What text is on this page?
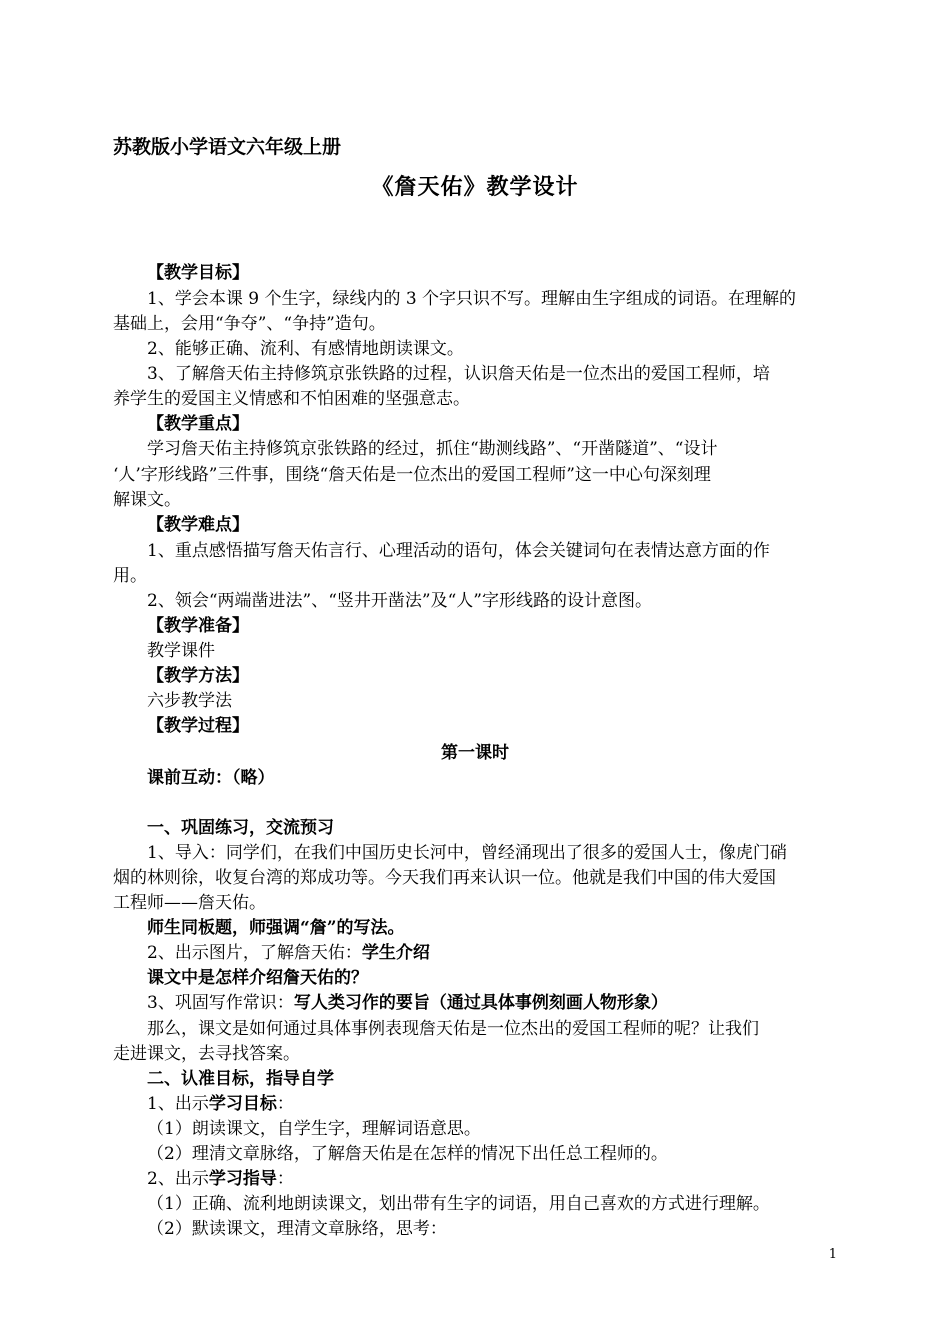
苏教版小学语文六年级上册
《詹天佑》教学设计
【教学目标】
1、学会本课 9 个生字，绿线内的 3 个字只识不写。理解由生字组成的词语。在理解的
基础上，会用“争夺”、“争持”造句。
2、能够正确、流利、有感情地朗读课文。
3、了解詹天佑主持修筑京张铁路的过程，认识詹天佑是一位杰出的爱国工程师，培
养学生的爱国主义情感和不怕困难的坚强意志。
【教学重点】
学习詹天佑主持修筑京张铁路的经过，抓住“勘测线路”、“开凿隧道”、“设计
‘人’字形线路”三件事，围绕“詹天佑是一位杰出的爱国工程师”这一中心句深刻理
解课文。
【教学难点】
1、重点感悟描写詹天佑言行、心理活动的语句，体会关键词句在表情达意方面的作
用。
2、领会“两端凿进法”、“竖井开凿法”及“人”字形线路的设计意图。
【教学准备】
教学课件
【教学方法】
六步教学法
【教学过程】
第一课时
课前互动：（略）
一、巩固练习，交流预习
1、导入：同学们，在我们中国历史长河中，曾经涌现出了很多的爱国人士，像虎门硝
烟的林则徐，收复台湾的郑成功等。今天我们再来认识一位。他就是我们中国的伟大爱国
工程师——詹天佑。
师生同板题，师强调“詹”的写法。
2、出示图片，了解詹天佑：学生介绍
课文中是怎样介绍詹天佑的？
3、巩固写作常识：写人类习作的要旨（通过具体事例刻画人物形象）
那么，课文是如何通过具体事例表现詹天佑是一位杰出的爱国工程师的呢？让我们
走进课文，去寻找答案。
二、认准目标，指导自学
1、出示学习目标：
（1）朗读课文，自学生字，理解词语意思。
（2）理清文章脉络，了解詹天佑是在怎样的情况下出任总工程师的。
2、出示学习指导：
（1）正确、流利地朗读课文，划出带有生字的词语，用自己喜欢的方式进行理解。
（2）默读课文，理清文章脉络，思考：
1
